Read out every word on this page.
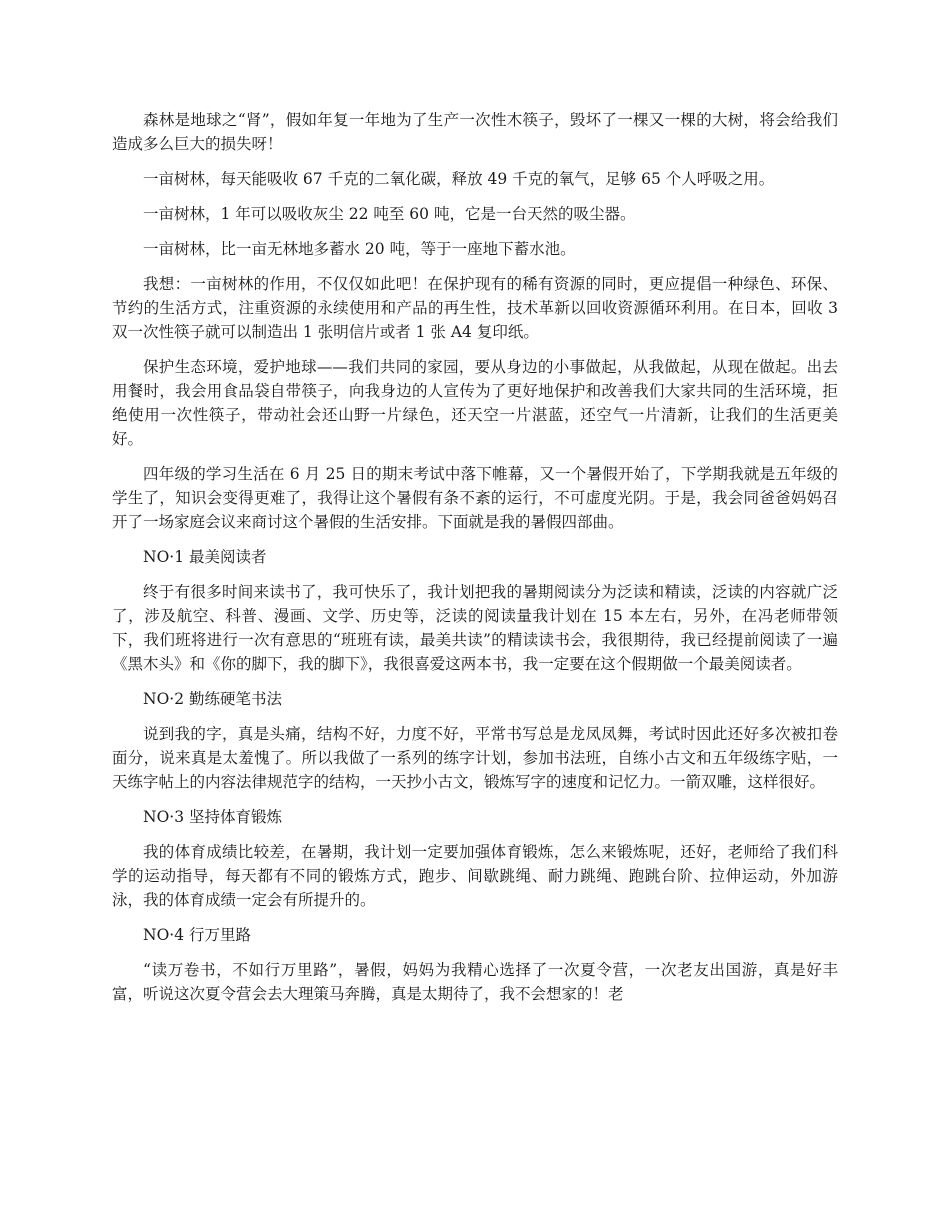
森林是地球之“肾”，假如年复一年地为了生产一次性木筷子，毁坏了一棵又一棵的大树，将会给我们造成多么巨大的损失呀！

一亩树林，每天能吸收 67 千克的二氧化碳，释放 49 千克的氧气，足够 65 个人呼吸之用。

一亩树林，1 年可以吸收灰尘 22 吨至 60 吨，它是一台天然的吸尘器。

一亩树林，比一亩无林地多蓄水 20 吨，等于一座地下蓄水池。

我想：一亩树林的作用，不仅仅如此吧！在保护现有的稀有资源的同时，更应提倡一种绿色、环保、节约的生活方式，注重资源的永续使用和产品的再生性，技术革新以回收资源循环利用。在日本，回收 3 双一次性筷子就可以制造出 1 张明信片或者 1 张 A4 复印纸。

保护生态环境，爱护地球——我们共同的家园，要从身边的小事做起，从我做起，从现在做起。出去用餐时，我会用食品袋自带筷子，向我身边的人宣传为了更好地保护和改善我们大家共同的生活环境，拒绝使用一次性筷子，带动社会还山野一片绿色，还天空一片湛蓝，还空气一片清新，让我们的生活更美好。

四年级的学习生活在 6 月 25 日的期末考试中落下帷幕，又一个暑假开始了，下学期我就是五年级的学生了，知识会变得更难了，我得让这个暑假有条不紊的运行，不可虚度光阴。于是，我会同爸爸妈妈召开了一场家庭会议来商讨这个暑假的生活安排。下面就是我的暑假四部曲。

NO·1 最美阅读者

终于有很多时间来读书了，我可快乐了，我计划把我的暑期阅读分为泛读和精读，泛读的内容就广泛了，涉及航空、科普、漫画、文学、历史等，泛读的阅读量我计划在 15 本左右，另外，在冯老师带领下，我们班将进行一次有意思的“班班有读，最美共读”的精读读书会，我很期待，我已经提前阅读了一遍《黑木头》和《你的脚下，我的脚下》，我很喜爱这两本书，我一定要在这个假期做一个最美阅读者。

NO·2 勤练硬笔书法

说到我的字，真是头痛，结构不好，力度不好，平常书写总是龙凤凤舞，考试时因此还好多次被扣卷面分，说来真是太羞愧了。所以我做了一系列的练字计划，参加书法班，自练小古文和五年级练字贴，一天练字帖上的内容法律规范字的结构，一天抄小古文，锻炼写字的速度和记忆力。一箭双雕，这样很好。

NO·3 坚持体育锻炼

我的体育成绩比较差，在暑期，我计划一定要加强体育锻炼，怎么来锻炼呢，还好，老师给了我们科学的运动指导，每天都有不同的锻炼方式，跑步、间歇跳绳、耐力跳绳、跑跳台阶、拉伸运动，外加游泳，我的体育成绩一定会有所提升的。

NO·4 行万里路

“读万卷书，不如行万里路”，暑假，妈妈为我精心选择了一次夏令营，一次老友出国游，真是好丰富，听说这次夏令营会去大理策马奔腾，真是太期待了，我不会想家的！老
